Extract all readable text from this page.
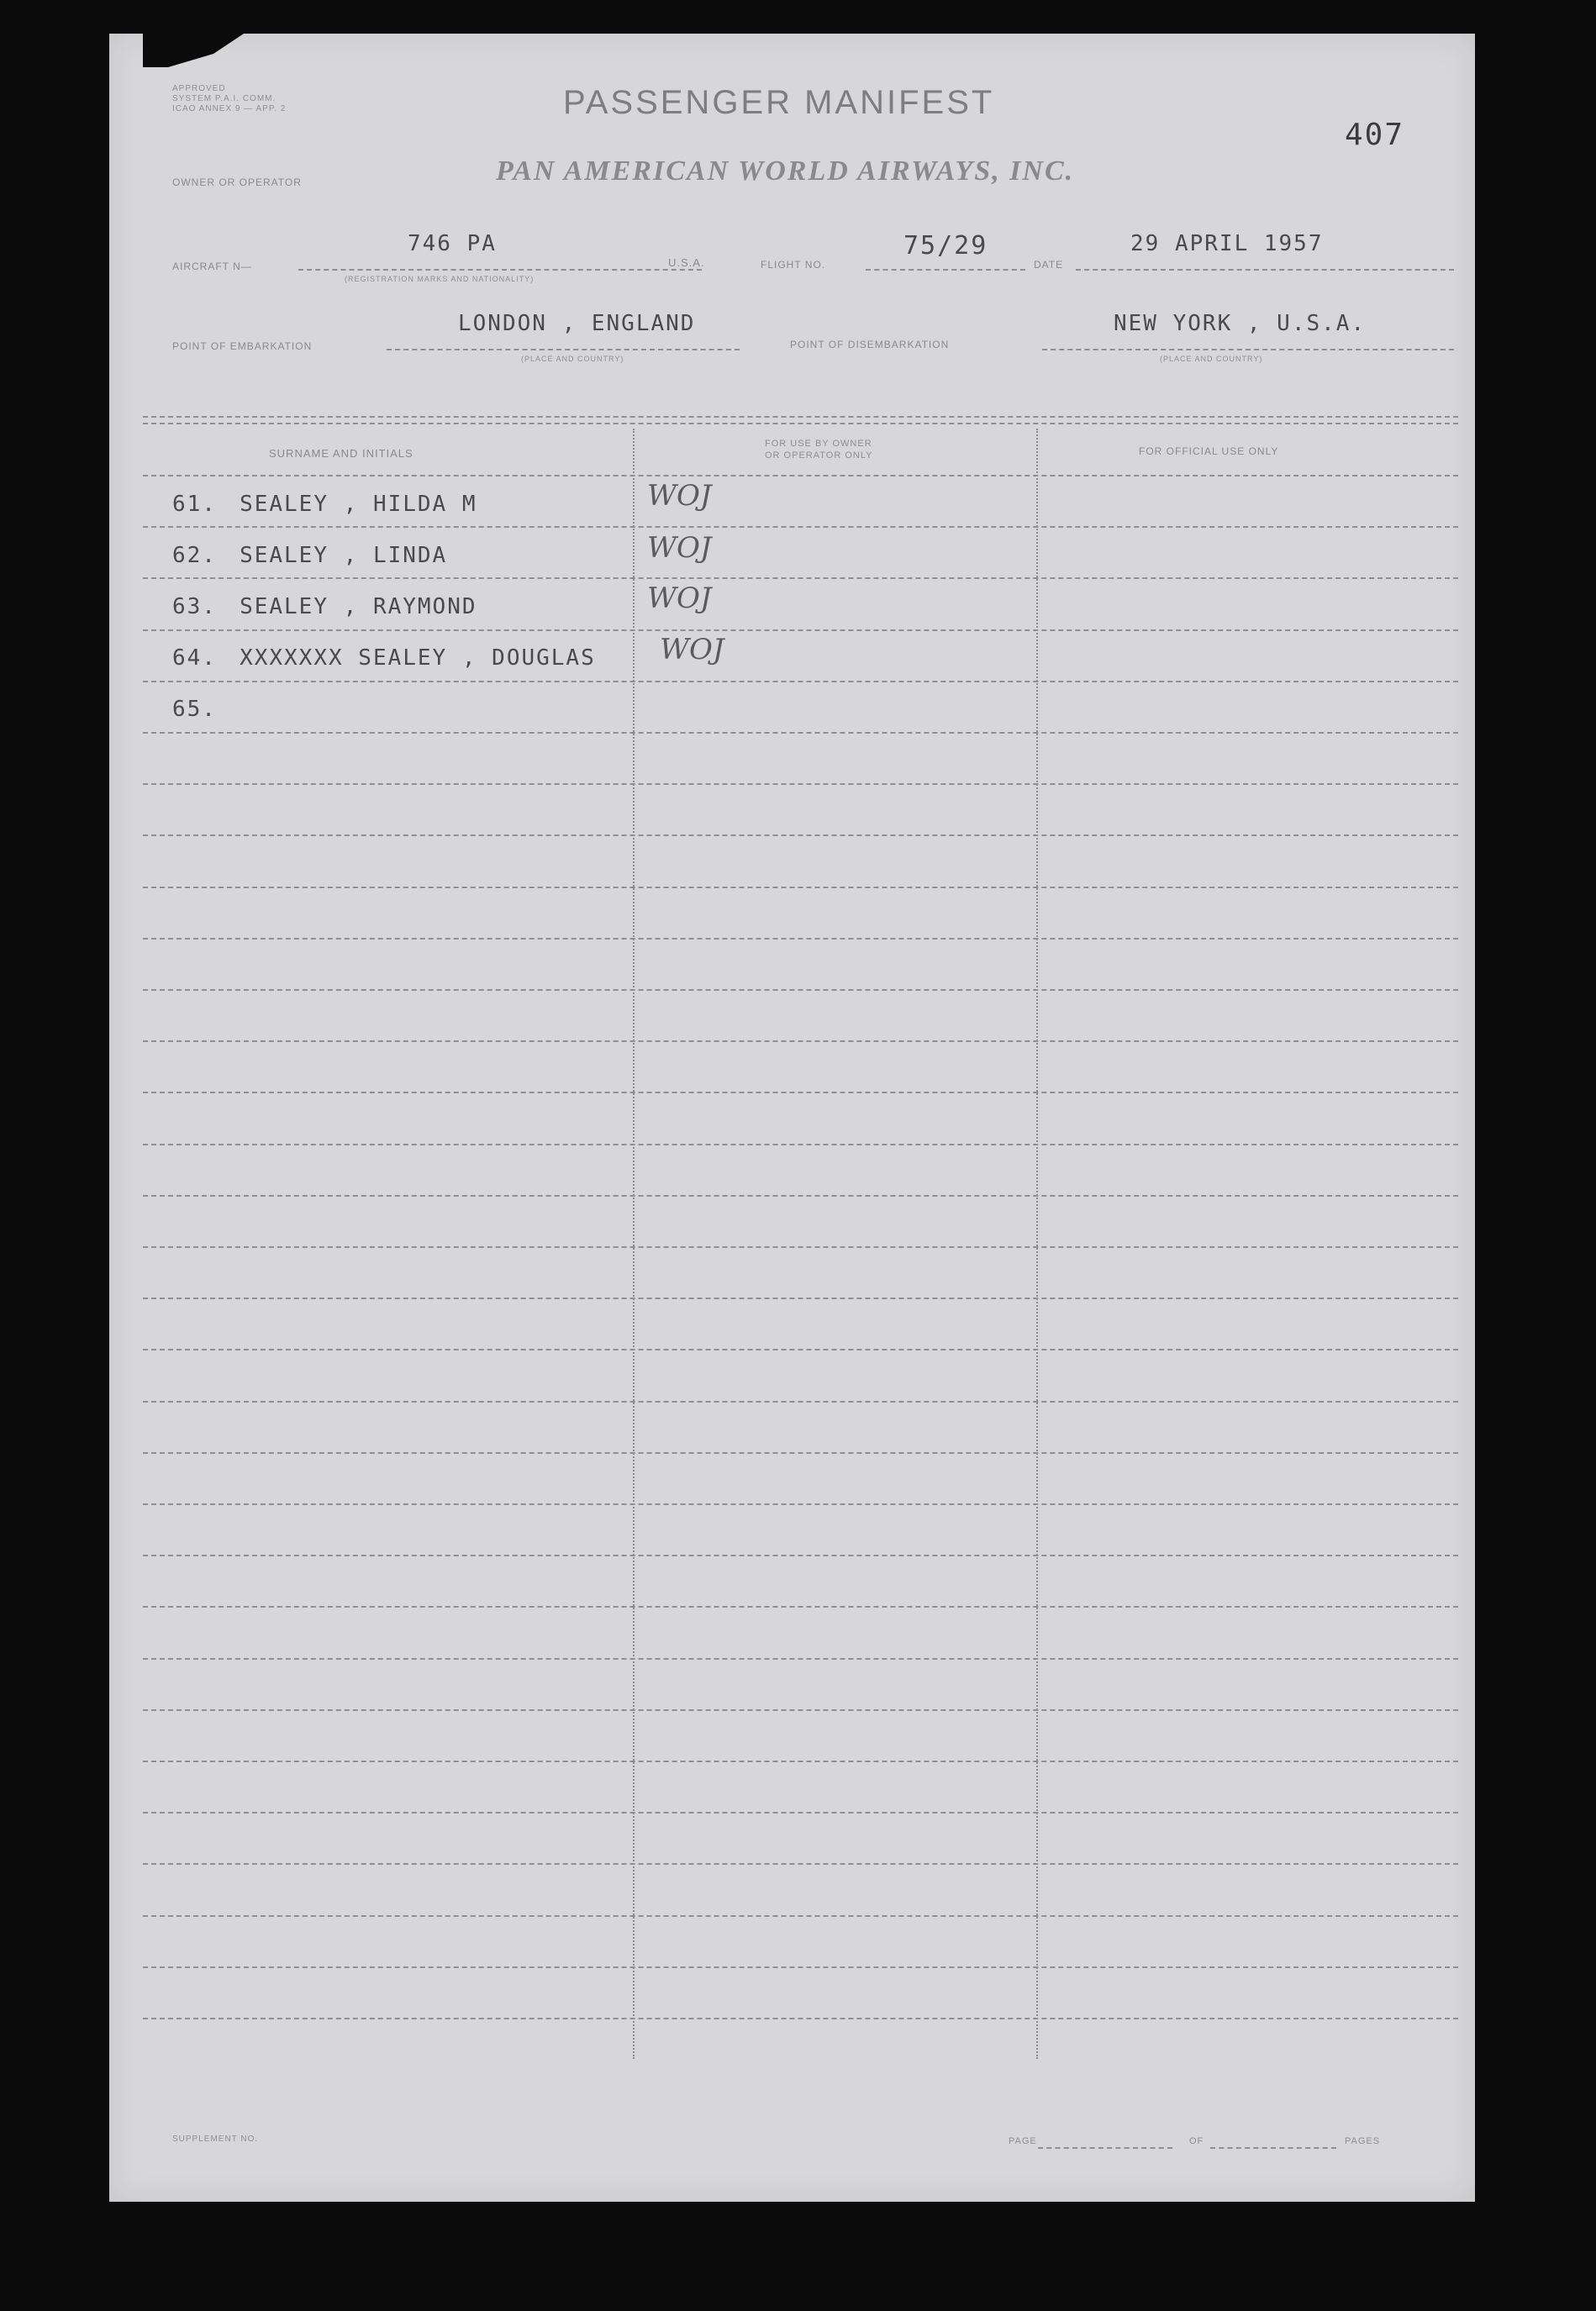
APPROVED
SYSTEM P.A.I. COMM.
ICAO ANNEX 9 — APP. 2	PASSENGER MANIFEST
407
OWNER OR OPERATOR	PAN AMERICAN WORLD AIRWAYS, INC.
AIRCRAFT N—
746 PA
(REGISTRATION MARKS AND NATIONALITY)
U.S.A.	FLIGHT NO.
75/29
DATE
29 APRIL 1957
POINT OF EMBARKATION
LONDON , ENGLAND
(PLACE AND COUNTRY)
POINT OF DISEMBARKATION
NEW YORK , U.S.A.
(PLACE AND COUNTRY)
SURNAME AND INITIALS
FOR USE BY OWNER
OR OPERATOR ONLY	FOR OFFICIAL USE ONLY
61. SEALEY , HILDA M	WOJ
62. SEALEY , LINDA	WOJ
63. SEALEY , RAYMOND	WOJ
64. XXXXXXX SEALEY , DOUGLAS WOJ
65.
SUPPLEMENT NO.	PAGE	OF	PAGES
